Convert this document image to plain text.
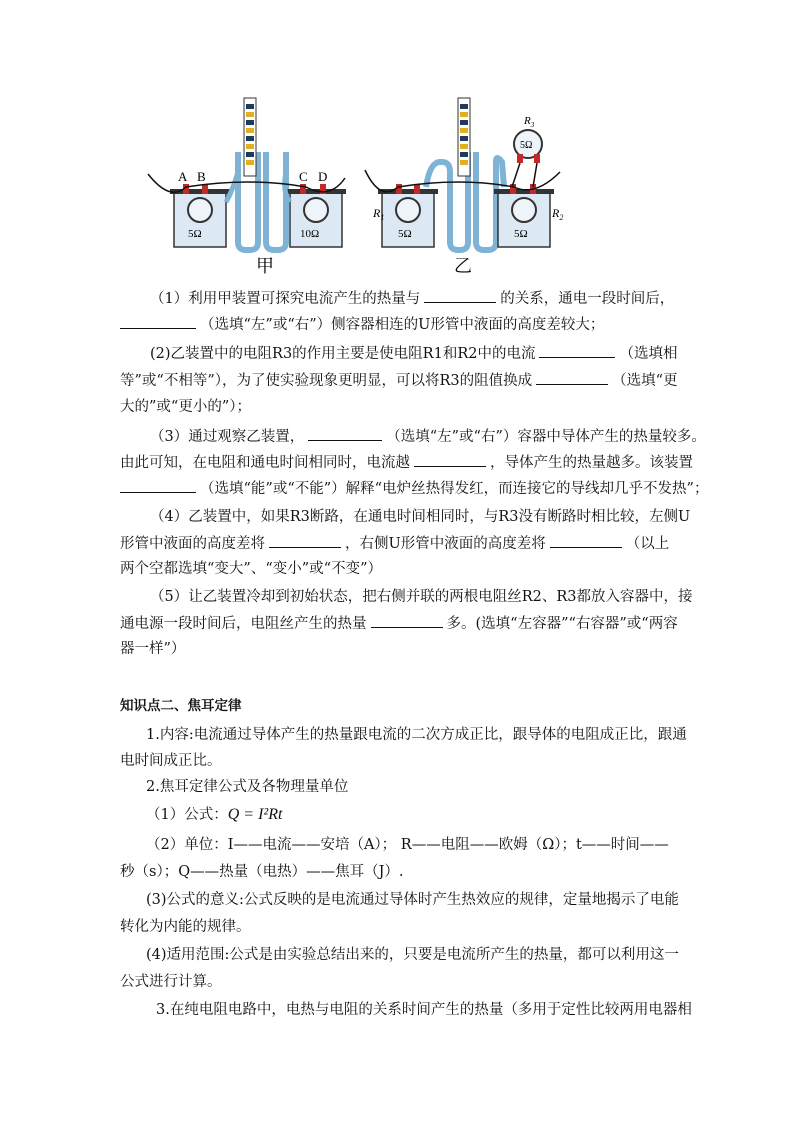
A B	C D
5Ω	10Ω
甲
$R_1$	$R_2$
$R_3$
5Ω
5Ω	5Ω
乙
（1）利用甲装置可探究电流产生的热量与	的关系，通电一段时间后，
（选填“左”或“右”）侧容器相连的U形管中液面的高度差较大；
(2)乙装置中的电阻R3的作用主要是使电阻R1和R2中的电流	（选填相
等”或“不相等”），为了使实验现象更明显，可以将R3的阻值换成	（选填“更
大的”或“更小的”）；
（3）通过观察乙装置，	（选填“左”或“右”）容器中导体产生的热量较多。
由此可知，在电阻和通电时间相同时，电流越	，导体产生的热量越多。该装置
（选填“能”或“不能”）解释“电炉丝热得发红，而连接它的导线却几乎不发热”；
（4）乙装置中，如果R3断路，在通电时间相同时，与R3没有断路时相比较，左侧U
形管中液面的高度差将	，右侧U形管中液面的高度差将	（以上
两个空都选填“变大”、“变小”或“不变”）
（5）让乙装置冷却到初始状态，把右侧并联的两根电阻丝R2、R3都放入容器中，接
通电源一段时间后，电阻丝产生的热量	多。(选填“左容器”“右容器”或“两容
器一样”）
知识点二、焦耳定律
1.内容:电流通过导体产生的热量跟电流的二次方成正比，跟导体的电阻成正比，跟通
电时间成正比。
2.焦耳定律公式及各物理量单位
（1）公式：Q = I²Rt
（2）单位：I——电流——安培（A）； R——电阻——欧姆（Ω）；t——时间——
秒（s）；Q——热量（电热）——焦耳（J）.
(3)公式的意义:公式反映的是电流通过导体时产生热效应的规律，定量地揭示了电能
转化为内能的规律。
(4)适用范围:公式是由实验总结出来的，只要是电流所产生的热量，都可以利用这一
公式进行计算。
3.在纯电阻电路中，电热与电阻的关系时间产生的热量（多用于定性比较两用电器相
